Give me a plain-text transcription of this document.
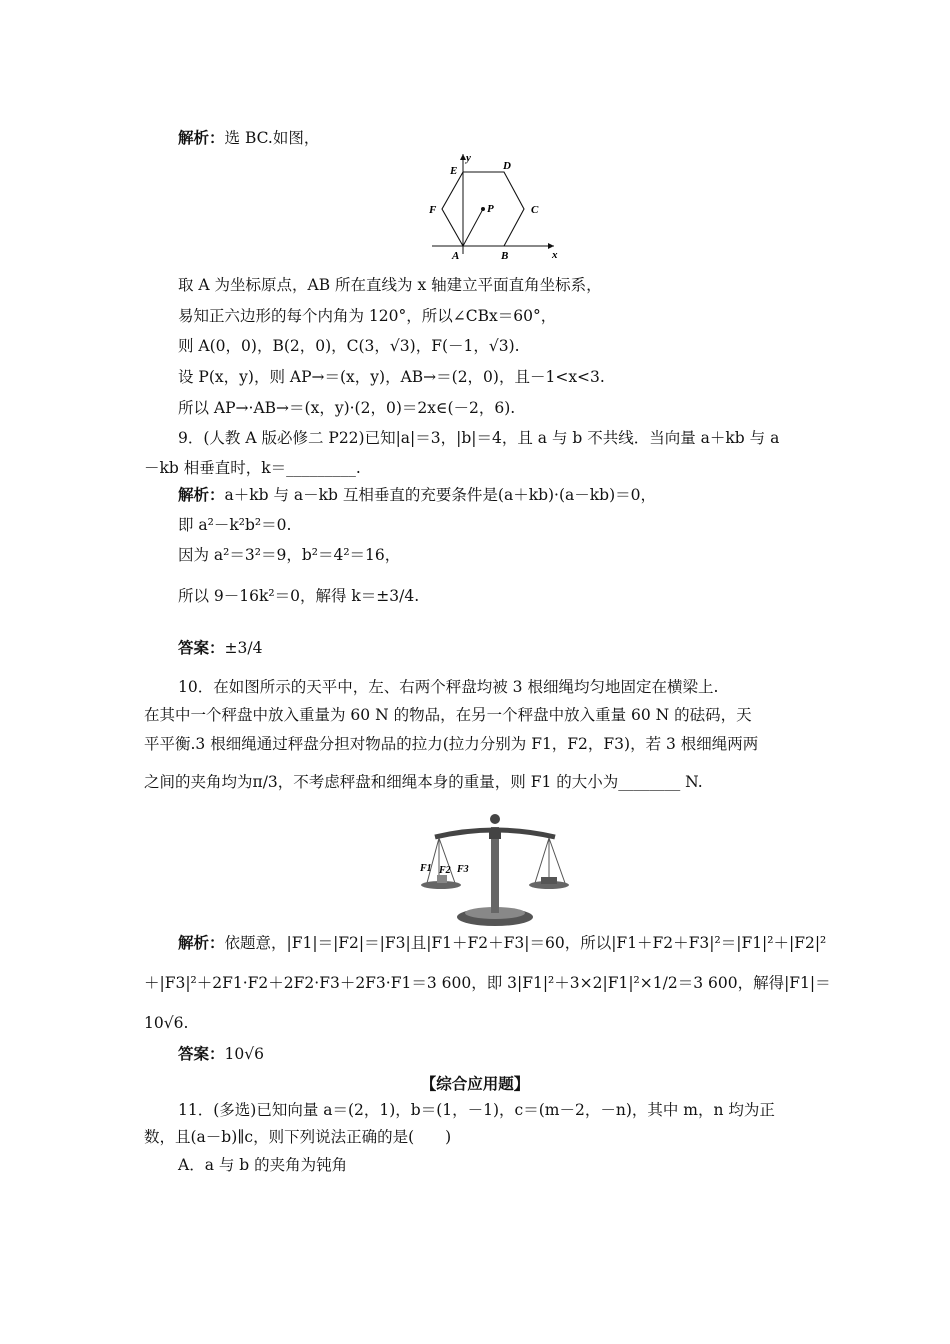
解析：选 BC.如图，
y
x
E	D
F	C
P
A	B
取 A 为坐标原点，AB 所在直线为 x 轴建立平面直角坐标系，
易知正六边形的每个内角为 120°，所以∠CBx＝60°，
则 A(0，0)，B(2，0)，C(3，√3)，F(－1，√3).
设 P(x，y)，则 AP→＝(x，y)，AB→＝(2，0)，且－1<x<3.
所以 AP→·AB→＝(x，y)·(2，0)＝2x∈(－2，6).
9．(人教 A 版必修二 P22)已知|a|＝3，|b|＝4，且 a 与 b 不共线．当向量 a＋kb 与 a
－kb 相垂直时，k＝_________.
解析：a＋kb 与 a－kb 互相垂直的充要条件是(a＋kb)·(a－kb)＝0，
即 a²－k²b²＝0.
因为 a²＝3²＝9，b²＝4²＝16，
所以 9－16k²＝0，解得 k＝±3/4.
答案：±3/4
10．在如图所示的天平中，左、右两个秤盘均被 3 根细绳均匀地固定在横梁上.
在其中一个秤盘中放入重量为 60 N 的物品，在另一个秤盘中放入重量 60 N 的砝码，天
平平衡.3 根细绳通过秤盘分担对物品的拉力(拉力分别为 F1，F2，F3)，若 3 根细绳两两
之间的夹角均为π/3，不考虑秤盘和细绳本身的重量，则 F1 的大小为________ N.
F1 F2 F3
解析：依题意，|F1|＝|F2|＝|F3|且|F1＋F2＋F3|＝60，所以|F1＋F2＋F3|²＝|F1|²＋|F2|²
＋|F3|²＋2F1·F2＋2F2·F3＋2F3·F1＝3 600，即 3|F1|²＋3×2|F1|²×1/2＝3 600，解得|F1|＝
10√6.
答案：10√6
【综合应用题】
11．(多选)已知向量 a＝(2，1)，b＝(1，－1)，c＝(m－2，－n)，其中 m，n 均为正
数，且(a－b)∥c，则下列说法正确的是(　　)
A．a 与 b 的夹角为钝角
